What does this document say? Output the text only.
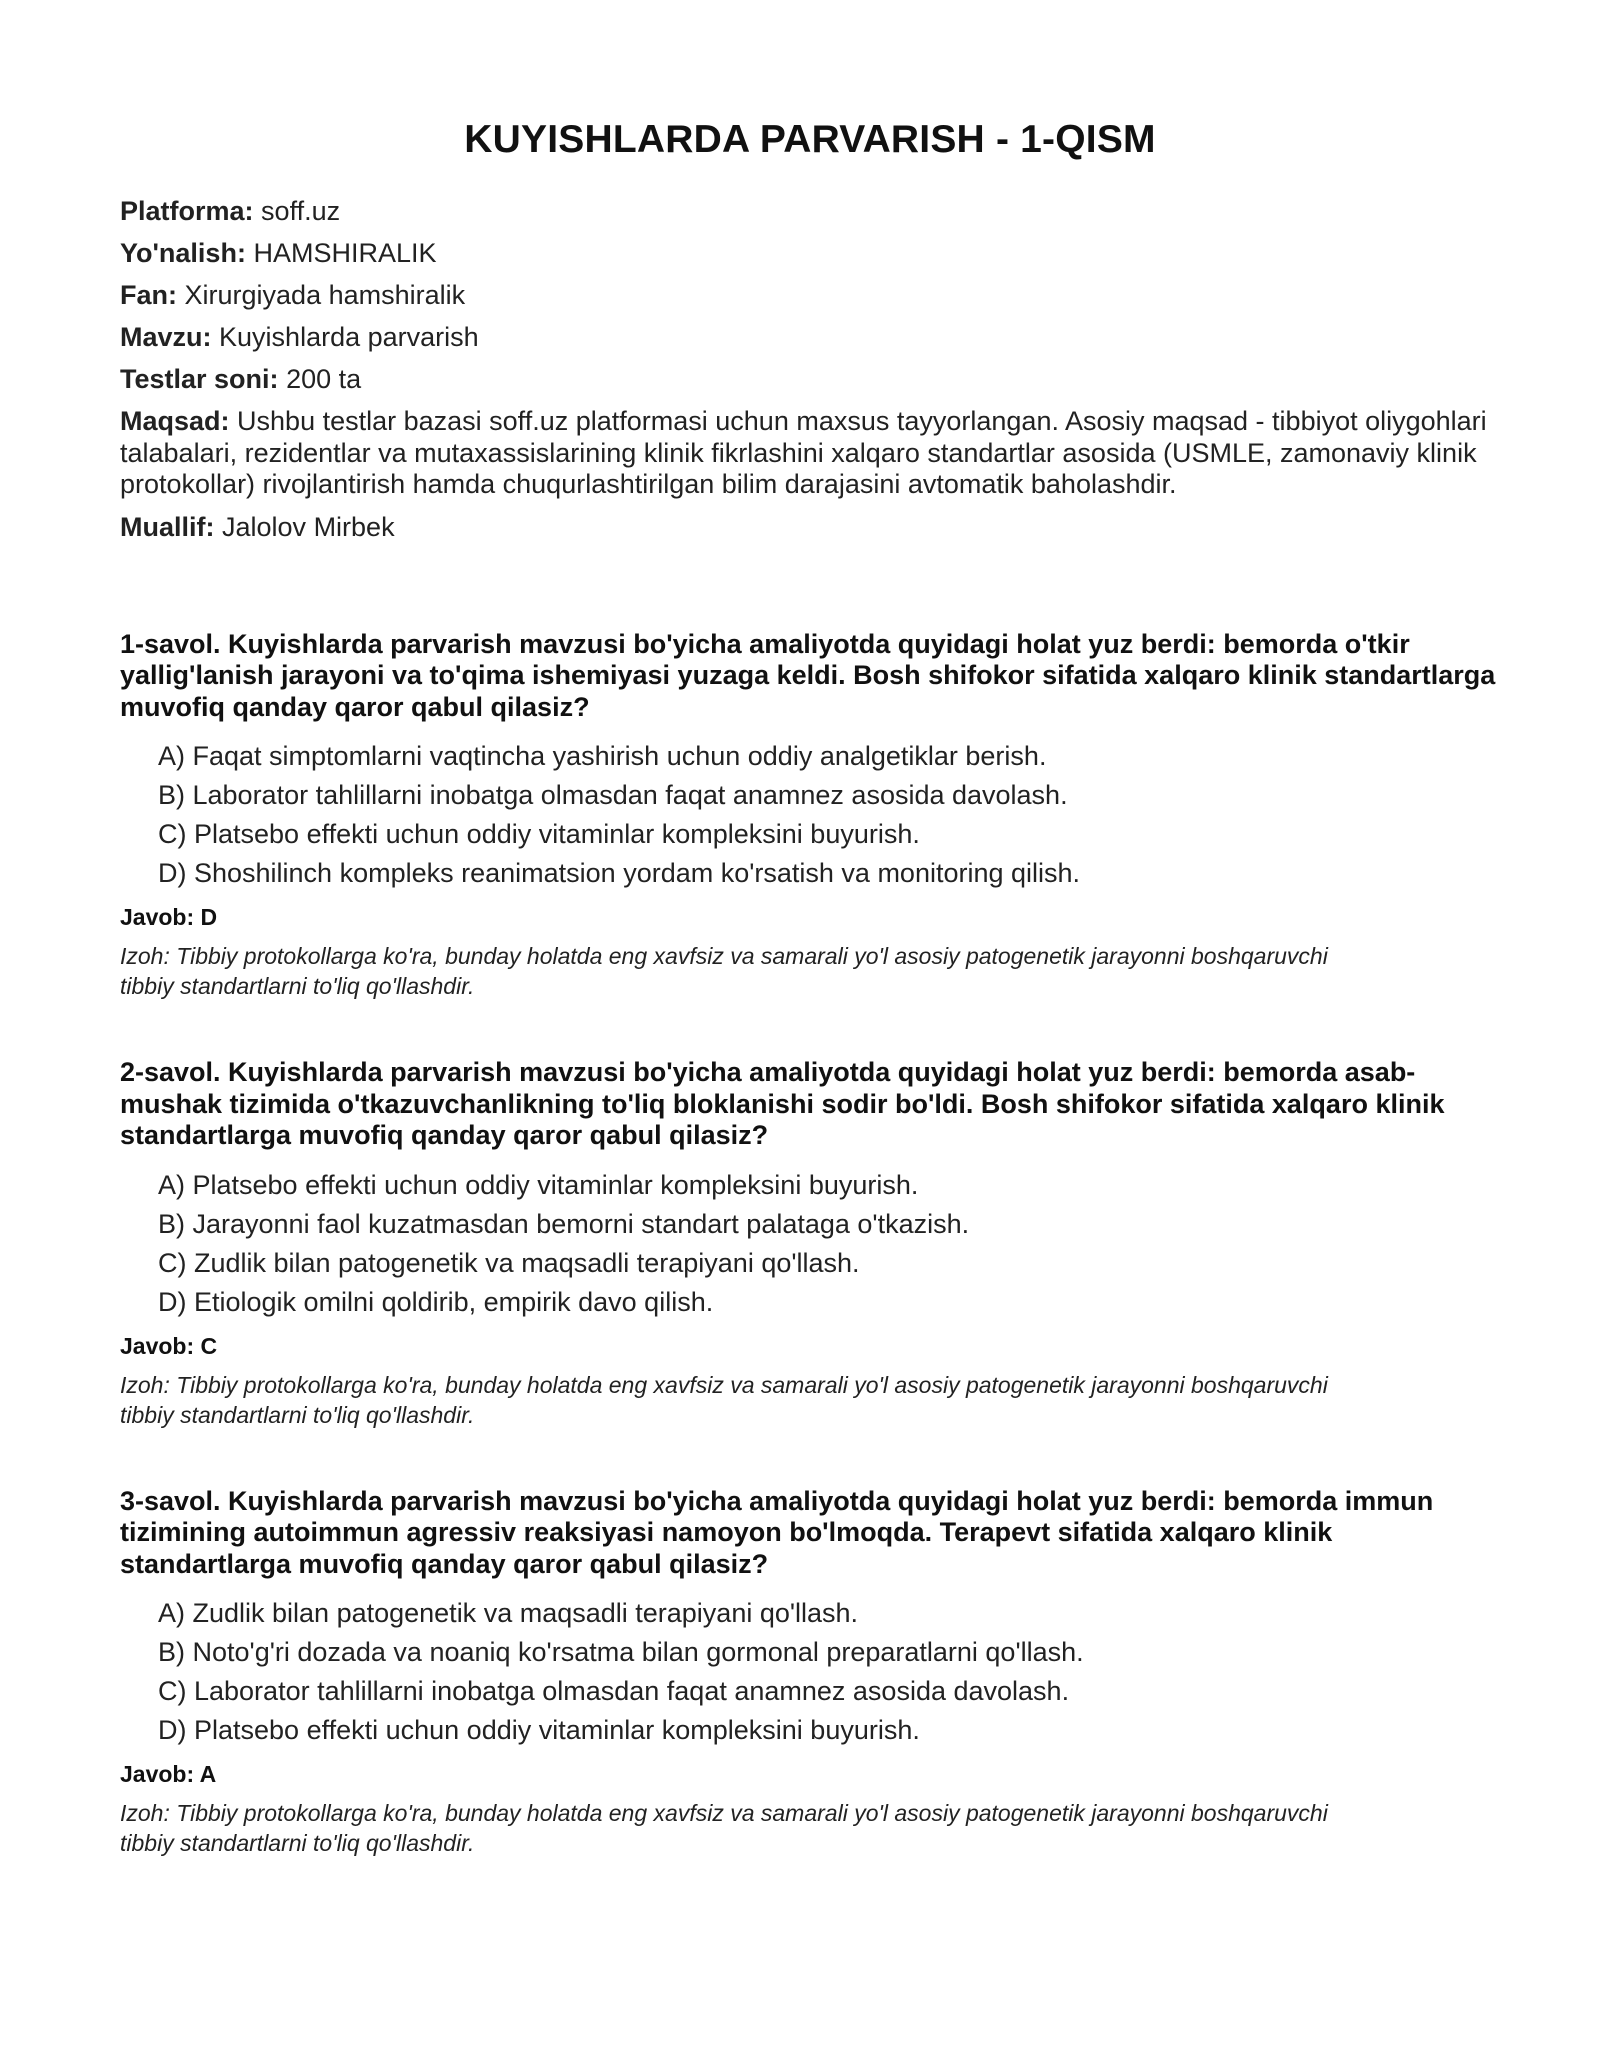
KUYISHLARDA PARVARISH - 1-QISM

Platforma: soff.uz

Yo'nalish: HAMSHIRALIK

Fan: Xirurgiyada hamshiralik

Mavzu: Kuyishlarda parvarish

Testlar soni: 200 ta

Maqsad: Ushbu testlar bazasi soff.uz platformasi uchun maxsus tayyorlangan. Asosiy maqsad - tibbiyot oliygohlari talabalari, rezidentlar va mutaxassislarining klinik fikrlashini xalqaro standartlar asosida (USMLE, zamonaviy klinik protokollar) rivojlantirish hamda chuqurlashtirilgan bilim darajasini avtomatik baholashdir.

Muallif: Jalolov Mirbek

1-savol. Kuyishlarda parvarish mavzusi bo'yicha amaliyotda quyidagi holat yuz berdi: bemorda o'tkir yallig'lanish jarayoni va to'qima ishemiyasi yuzaga keldi. Bosh shifokor sifatida xalqaro klinik standartlarga muvofiq qanday qaror qabul qilasiz?

A) Faqat simptomlarni vaqtincha yashirish uchun oddiy analgetiklar berish.
B) Laborator tahlillarni inobatga olmasdan faqat anamnez asosida davolash.
C) Platsebo effekti uchun oddiy vitaminlar kompleksini buyurish.
D) Shoshilinch kompleks reanimatsion yordam ko'rsatish va monitoring qilish.

Javob: D

Izoh: Tibbiy protokollarga ko'ra, bunday holatda eng xavfsiz va samarali yo'l asosiy patogenetik jarayonni boshqaruvchi tibbiy standartlarni to'liq qo'llashdir.

2-savol. Kuyishlarda parvarish mavzusi bo'yicha amaliyotda quyidagi holat yuz berdi: bemorda asab-mushak tizimida o'tkazuvchanlikning to'liq bloklanishi sodir bo'ldi. Bosh shifokor sifatida xalqaro klinik standartlarga muvofiq qanday qaror qabul qilasiz?

A) Platsebo effekti uchun oddiy vitaminlar kompleksini buyurish.
B) Jarayonni faol kuzatmasdan bemorni standart palataga o'tkazish.
C) Zudlik bilan patogenetik va maqsadli terapiyani qo'llash.
D) Etiologik omilni qoldirib, empirik davo qilish.

Javob: C

Izoh: Tibbiy protokollarga ko'ra, bunday holatda eng xavfsiz va samarali yo'l asosiy patogenetik jarayonni boshqaruvchi tibbiy standartlarni to'liq qo'llashdir.

3-savol. Kuyishlarda parvarish mavzusi bo'yicha amaliyotda quyidagi holat yuz berdi: bemorda immun tizimining autoimmun agressiv reaksiyasi namoyon bo'lmoqda. Terapevt sifatida xalqaro klinik standartlarga muvofiq qanday qaror qabul qilasiz?

A) Zudlik bilan patogenetik va maqsadli terapiyani qo'llash.
B) Noto'g'ri dozada va noaniq ko'rsatma bilan gormonal preparatlarni qo'llash.
C) Laborator tahlillarni inobatga olmasdan faqat anamnez asosida davolash.
D) Platsebo effekti uchun oddiy vitaminlar kompleksini buyurish.

Javob: A

Izoh: Tibbiy protokollarga ko'ra, bunday holatda eng xavfsiz va samarali yo'l asosiy patogenetik jarayonni boshqaruvchi tibbiy standartlarni to'liq qo'llashdir.
